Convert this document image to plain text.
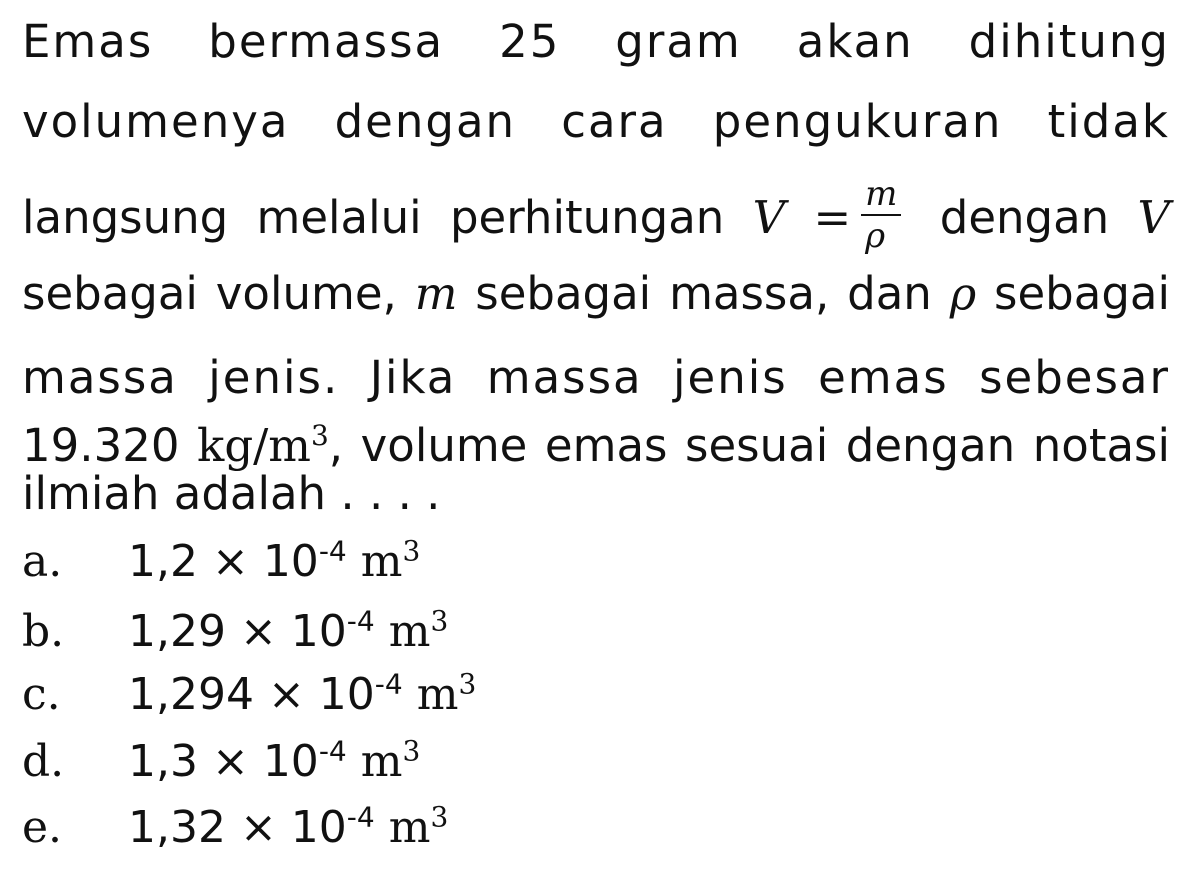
Emas bermassa 25 gram akan dihitung
volumenya dengan cara pengukuran tidak
langsung melalui perhitungan $V = \frac{m}{\rho}$ dengan V
sebagai volume, m sebagai massa, dan ρ sebagai
massa jenis. Jika massa jenis emas sebesar
19.320 $kg/m^3$, volume emas sesuai dengan notasi
ilmiah adalah . . . .
a. $1,2 \times 10^{-4}$ $m^3$
b. $1,29 \times 10^{-4}$ $m^3$
c. $1,294 \times 10^{-4}$ $m^3$
d. $1,3 \times 10^{-4}$ $m^3$
e. $1,32 \times 10^{-4}$ $m^3$
